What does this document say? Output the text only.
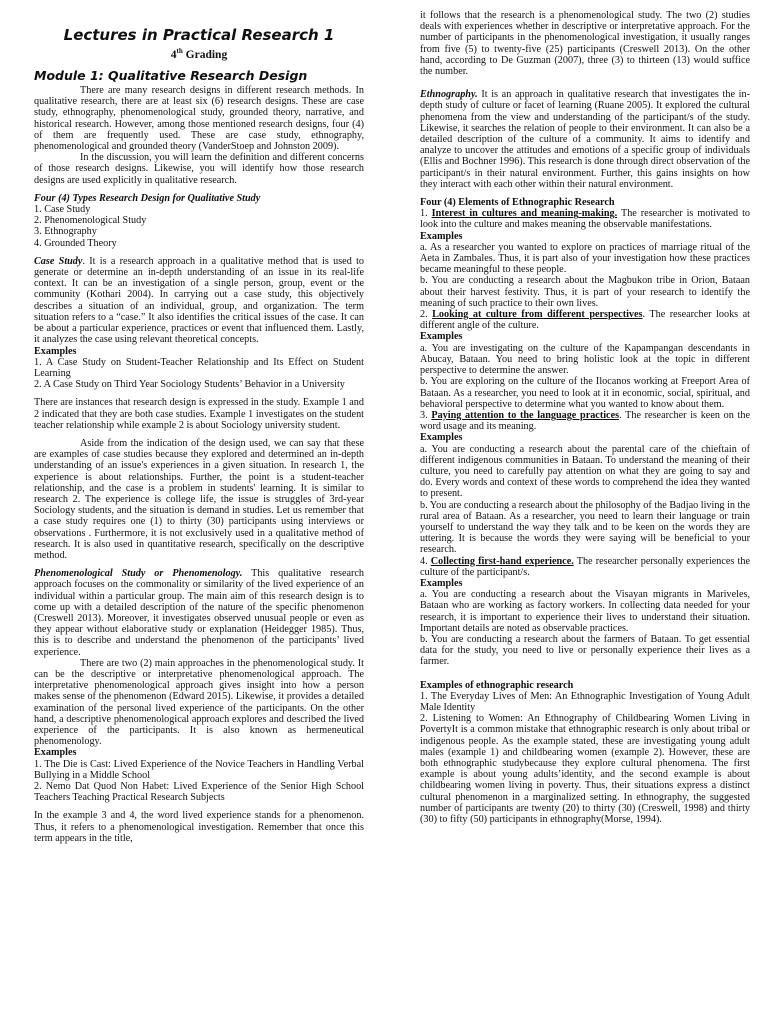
Lectures in Practical Research 1
4th Grading
Module 1: Qualitative Research Design

There are many research designs in different research methods. In qualitative research, there are at least six (6) research designs. These are case study, ethnography, phenomenological study, grounded theory, narrative, and historical research. However, among those mentioned research designs, four (4) of them are frequently used. These are case study, ethnography, phenomenological and grounded theory (VanderStoep and Johnston 2009).

In the discussion, you will learn the definition and different concerns of those research designs. Likewise, you will identify how those research designs are used explicitly in qualitative research.

Four (4) Types Research Design for Qualitative Study

1. Case Study

2. Phenomenological Study

3. Ethnography

4. Grounded Theory

Case Study. It is a research approach in a qualitative method that is used to generate or determine an in-depth understanding of an issue in its real-life context. It can be an investigation of a single person, group, event or the community (Kothari 2004). In carrying out a case study, this objectively describes a situation of an individual, group, and organization. The term situation refers to a “case.” It also identifies the critical issues of the case. It can be about a particular experience, practices or event that influenced them. Lastly, it analyzes the case using relevant theoretical concepts.

Examples

1. A Case Study on Student-Teacher Relationship and Its Effect on Student Learning

2. A Case Study on Third Year Sociology Students’ Behavior in a University

There are instances that research design is expressed in the study. Example 1 and 2 indicated that they are both case studies. Example 1 investigates on the student teacher relationship while example 2 is about Sociology university student.

Aside from the indication of the design used, we can say that these are examples of case studies because they explored and determined an in-depth understanding of an issue's experiences in a given situation. In research 1, the experience is about relationships. Further, the point is a student-teacher relationship, and the case is a problem in students' learning. It is similar to research 2. The experience is college life, the issue is struggles of 3rd-year Sociology students, and the situation is demand in studies. Let us remember that a case study requires one (1) to thirty (30) participants using interviews or observations . Furthermore, it is not exclusively used in a qualitative method of research. It is also used in quantitative research, specifically on the descriptive method.

Phenomenological Study or Phenomenology. This qualitative research approach focuses on the commonality or similarity of the lived experience of an individual within a particular group. The main aim of this research design is to come up with a detailed description of the nature of the specific phenomenon (Creswell 2013). Moreover, it investigates observed unusual people or even as they appear without elaborative study or explanation (Heidegger 1985). Thus, this is to describe and understand the phenomenon of the participants’ lived experience.

There are two (2) main approaches in the phenomenological study. It can be the descriptive or interpretative phenomenological approach. The interpretative phenomenological approach gives insight into how a person makes sense of the phenomenon (Edward 2015). Likewise, it provides a detailed examination of the personal lived experience of the participants. On the other hand, a descriptive phenomenological approach explores and described the lived experience of the participants. It is also known as hermeneutical phenomenology.

Examples

1. The Die is Cast: Lived Experience of the Novice Teachers in Handling Verbal Bullying in a Middle School

2. Nemo Dat Quod Non Habet: Lived Experience of the Senior High School Teachers Teaching Practical Research Subjects

In the example 3 and 4, the word lived experience stands for a phenomenon. Thus, it refers to a phenomenological investigation. Remember that once this term appears in the title,

it follows that the research is a phenomenological study. The two (2) studies deals with experiences whether in descriptive or interpretative approach. For the number of participants in the phenomenological investigation, it usually ranges from five (5) to twenty-five (25) participants (Creswell 2013). On the other hand, according to De Guzman (2007), three (3) to thirteen (13) would suffice the number.

Ethnography. It is an approach in qualitative research that investigates the in-depth study of culture or facet of learning (Ruane 2005). It explored the cultural phenomena from the view and understanding of the participant/s of the study. Likewise, it searches the relation of people to their environment. It can also be a detailed description of the culture of a community. It aims to identify and analyze to uncover the attitudes and emotions of a specific group of individuals (Ellis and Bochner 1996). This research is done through direct observation of the participant/s in their natural environment. Further, this gains insights on how they interact with each other within their natural environment.

Four (4) Elements of Ethnographic Research

1. Interest in cultures and meaning-making. The researcher is motivated to look into the culture and makes meaning the observable manifestations.

Examples

a. As a researcher you wanted to explore on practices of marriage ritual of the Aeta in Zambales. Thus, it is part also of your investigation how these practices became meaningful to these people.

b. You are conducting a research about the Magbukon tribe in Orion, Bataan about their harvest festivity. Thus, it is part of your research to identify the meaning of such practice to their own lives.

2. Looking at culture from different perspectives. The researcher looks at different angle of the culture.

Examples

a. You are investigating on the culture of the Kapampangan descendants in Abucay, Bataan. You need to bring holistic look at the topic in different perspective to determine the answer.

b. You are exploring on the culture of the Ilocanos working at Freeport Area of Bataan. As a researcher, you need to look at it in economic, social, spiritual, and behavioral perspective to determine what you wanted to know about them.

3. Paying attention to the language practices. The researcher is keen on the word usage and its meaning.

Examples

a. You are conducting a research about the parental care of the chieftain of different indigenous communities in Bataan. To understand the meaning of their culture, you need to carefully pay attention on what they are going to say and do. Every words and context of these words to comprehend the idea they wanted to present.

b. You are conducting a research about the philosophy of the Badjao living in the rural area of Bataan. As a researcher, you need to learn their language or train yourself to understand the way they talk and to be keen on the words they are uttering. It is because the words they were saying will be beneficial to your research.

4. Collecting first-hand experience. The researcher personally experiences the culture of the participant/s.

Examples

a. You are conducting a research about the Visayan migrants in Mariveles, Bataan who are working as factory workers. In collecting data needed for your research, it is important to experience their lives to understand their situation. Important details are noted as observable practices.

b. You are conducting a research about the farmers of Bataan. To get essential data for the study, you need to live or personally experience their lives as a farmer.

Examples of ethnographic research

1. The Everyday Lives of Men: An Ethnographic Investigation of Young Adult Male Identity

2. Listening to Women: An Ethnography of Childbearing Women Living in PovertyIt is a common mistake that ethnographic research is only about tribal or indigenous people. As the example stated, these are investigating young adult males (example 1) and childbearing women (example 2). However, these are both ethnographic studybecause they explore cultural phenomena. The first example is about young adults’identity, and the second example is about childbearing women living in poverty. Thus, their situations express a distinct cultural phenomenon in a marginalized setting. In ethnography, the suggested number of participants are twenty (20) to thirty (30) (Creswell, 1998) and thirty (30) to fifty (50) participants in ethnography(Morse, 1994).
